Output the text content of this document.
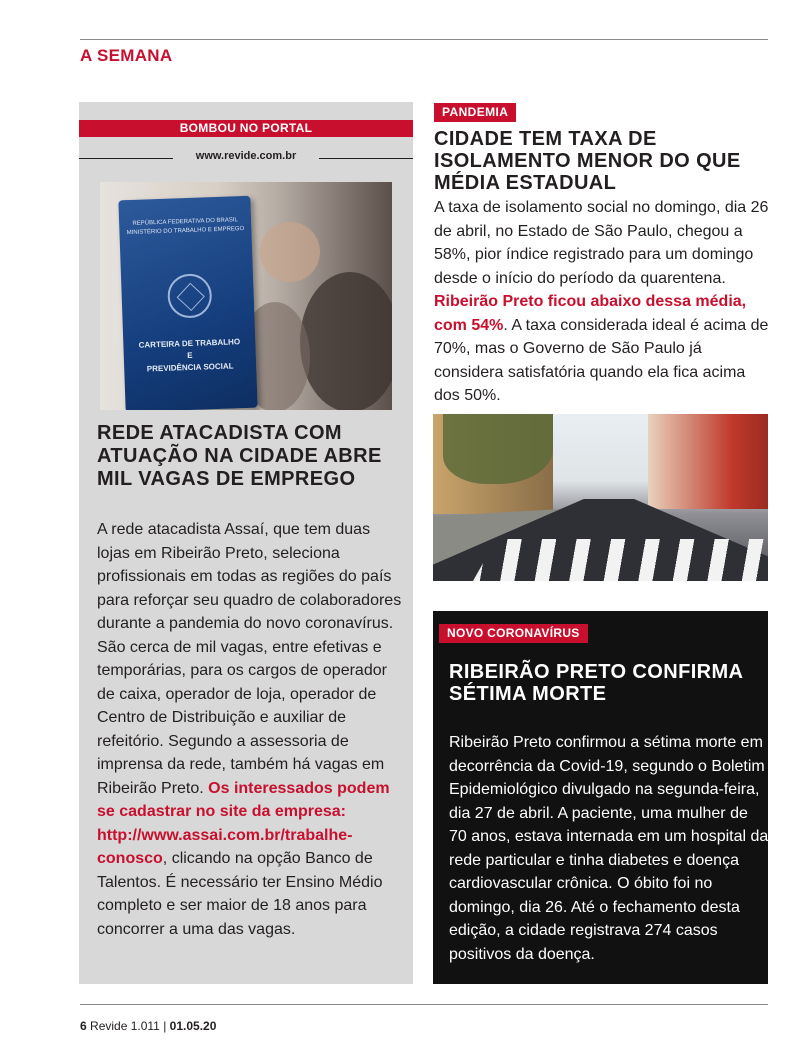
A SEMANA
BOMBOU NO PORTAL
www.revide.com.br
REPÚBLICA FEDERATIVA DO BRASIL
MINISTÉRIO DO TRABALHO E EMPREGO
CARTEIRA DE TRABALHO
E
PREVIDÊNCIA SOCIAL
REDE ATACADISTA COM ATUAÇÃO NA CIDADE ABRE MIL VAGAS DE EMPREGO

A rede atacadista Assaí, que tem duas lojas em Ribeirão Preto, seleciona profissionais em todas as regiões do país para reforçar seu quadro de colaboradores durante a pandemia do novo coronavírus. São cerca de mil vagas, entre efetivas e temporárias, para os cargos de operador de caixa, operador de loja, operador de Centro de Distribuição e auxiliar de refeitório. Segundo a assessoria de imprensa da rede, também há vagas em Ribeirão Preto. Os interessados podem se cadastrar no site da empresa: http://www.assai.com.br/trabalhe-conosco, clicando na opção Banco de Talentos. É necessário ter Ensino Médio completo e ser maior de 18 anos para concorrer a uma das vagas.

PANDEMIA
CIDADE TEM TAXA DE ISOLAMENTO MENOR DO QUE MÉDIA ESTADUAL

A taxa de isolamento social no domingo, dia 26 de abril, no Estado de São Paulo, chegou a 58%, pior índice registrado para um domingo desde o início do período da quarentena. Ribeirão Preto ficou abaixo dessa média, com 54%. A taxa considerada ideal é acima de 70%, mas o Governo de São Paulo já considera satisfatória quando ela fica acima dos 50%.

NOVO CORONAVÍRUS
RIBEIRÃO PRETO CONFIRMA SÉTIMA MORTE

Ribeirão Preto confirmou a sétima morte em decorrência da Covid-19, segundo o Boletim Epidemiológico divulgado na segunda-feira, dia 27 de abril. A paciente, uma mulher de 70 anos, estava internada em um hospital da rede particular e tinha diabetes e doença cardiovascular crônica. O óbito foi no domingo, dia 26. Até o fechamento desta edição, a cidade registrava 274 casos positivos da doença.

6 Revide 1.011 | 01.05.20
